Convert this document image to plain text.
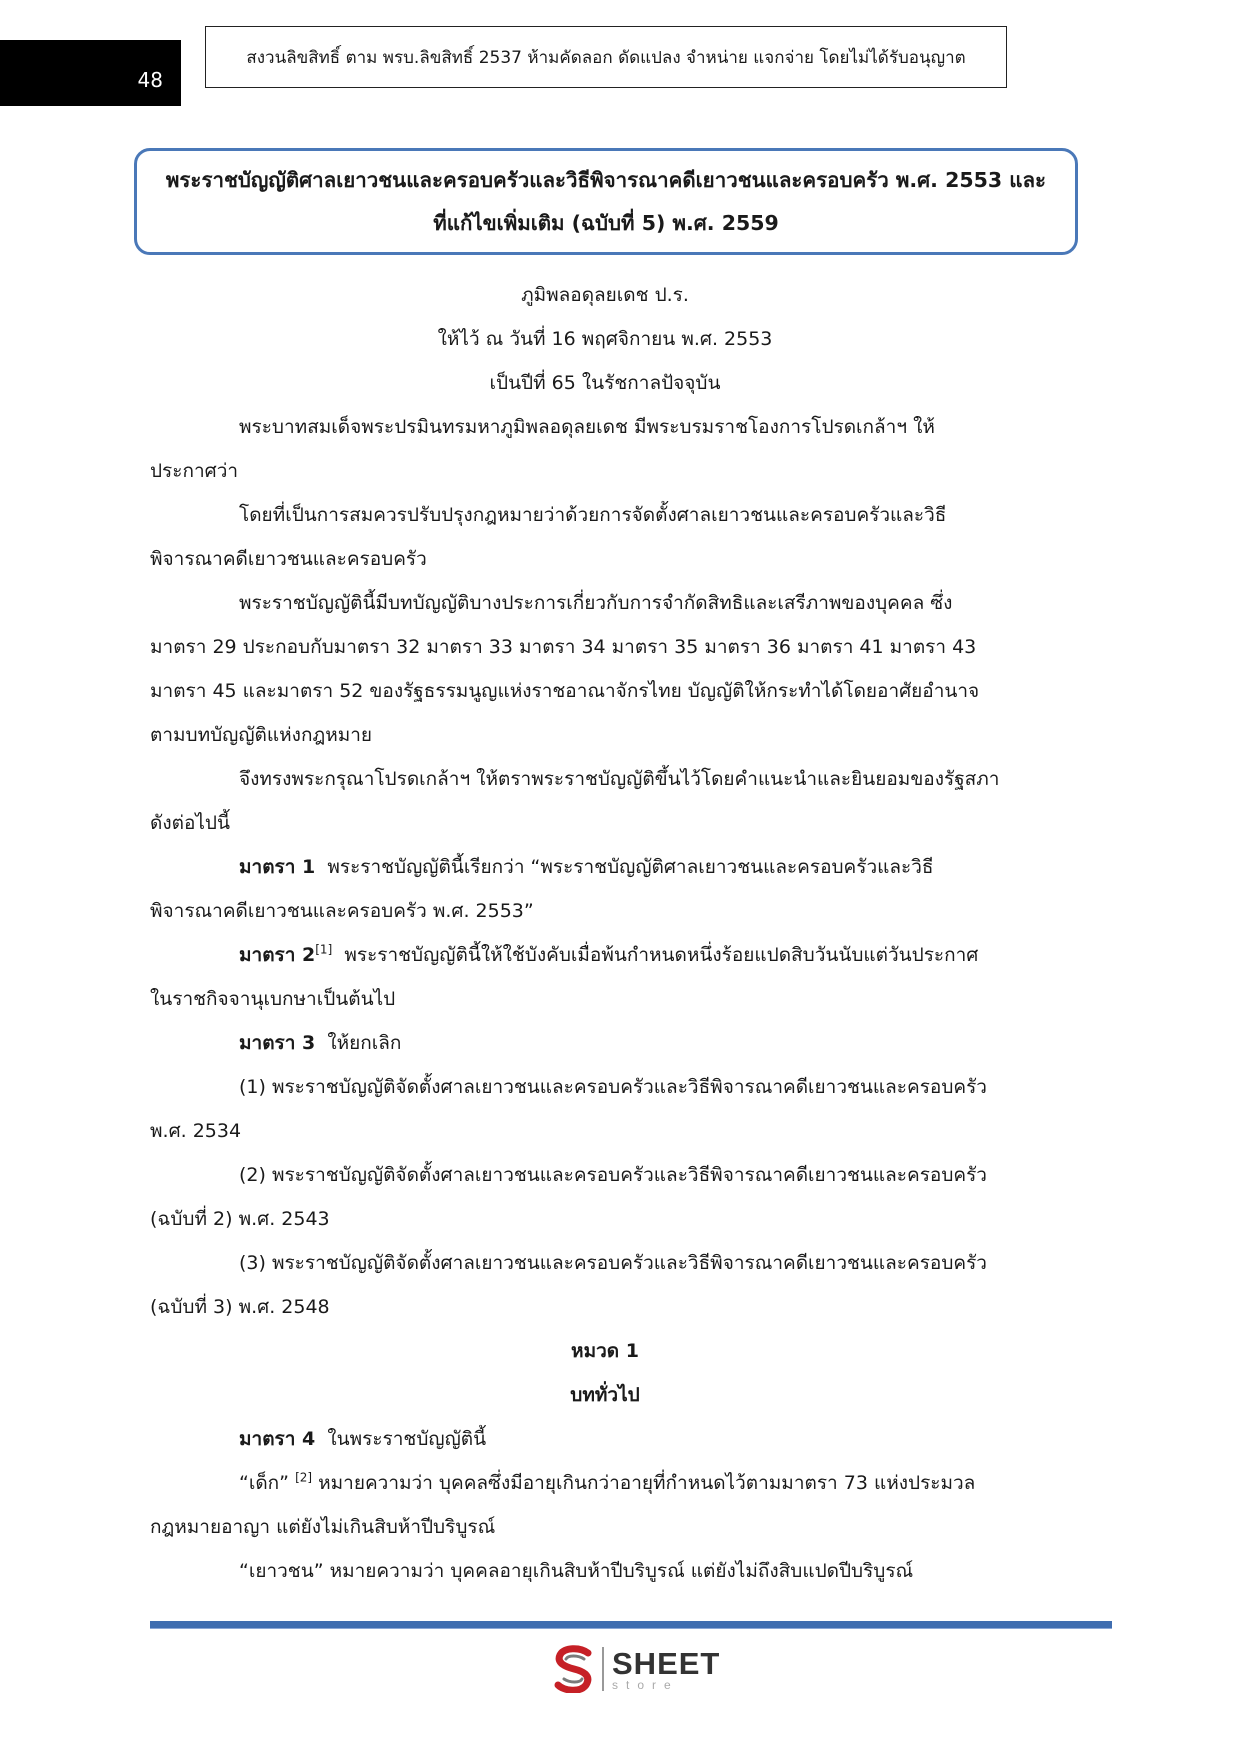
48
สงวนลิขสิทธิ์ ตาม พรบ.ลิขสิทธิ์ 2537 ห้ามคัดลอก ดัดแปลง จำหน่าย แจกจ่าย โดยไม่ได้รับอนุญาต
พระราชบัญญัติศาลเยาวชนและครอบครัวและวิธีพิจารณาคดีเยาวชนและครอบครัว พ.ศ. 2553 และ
ที่แก้ไขเพิ่มเติม (ฉบับที่ 5) พ.ศ. 2559
ภูมิพลอดุลยเดช ป.ร.
ให้ไว้ ณ วันที่ 16 พฤศจิกายน พ.ศ. 2553
เป็นปีที่ 65 ในรัชกาลปัจจุบัน
พระบาทสมเด็จพระปรมินทรมหาภูมิพลอดุลยเดช มีพระบรมราชโองการโปรดเกล้าฯ ให้
ประกาศว่า
โดยที่เป็นการสมควรปรับปรุงกฎหมายว่าด้วยการจัดตั้งศาลเยาวชนและครอบครัวและวิธี
พิจารณาคดีเยาวชนและครอบครัว
พระราชบัญญัตินี้มีบทบัญญัติบางประการเกี่ยวกับการจำกัดสิทธิและเสรีภาพของบุคคล ซึ่ง
มาตรา 29 ประกอบกับมาตรา 32 มาตรา 33 มาตรา 34 มาตรา 35 มาตรา 36 มาตรา 41 มาตรา 43
มาตรา 45 และมาตรา 52 ของรัฐธรรมนูญแห่งราชอาณาจักรไทย บัญญัติให้กระทำได้โดยอาศัยอำนาจ
ตามบทบัญญัติแห่งกฎหมาย
จึงทรงพระกรุณาโปรดเกล้าฯ ให้ตราพระราชบัญญัติขึ้นไว้โดยคำแนะนำและยินยอมของรัฐสภา
ดังต่อไปนี้
มาตรา 1 พระราชบัญญัตินี้เรียกว่า “พระราชบัญญัติศาลเยาวชนและครอบครัวและวิธี
พิจารณาคดีเยาวชนและครอบครัว พ.ศ. 2553”
มาตรา 2[1] พระราชบัญญัตินี้ให้ใช้บังคับเมื่อพ้นกำหนดหนึ่งร้อยแปดสิบวันนับแต่วันประกาศ
ในราชกิจจานุเบกษาเป็นต้นไป
มาตรา 3 ให้ยกเลิก
(1) พระราชบัญญัติจัดตั้งศาลเยาวชนและครอบครัวและวิธีพิจารณาคดีเยาวชนและครอบครัว
พ.ศ. 2534
(2) พระราชบัญญัติจัดตั้งศาลเยาวชนและครอบครัวและวิธีพิจารณาคดีเยาวชนและครอบครัว
(ฉบับที่ 2) พ.ศ. 2543
(3) พระราชบัญญัติจัดตั้งศาลเยาวชนและครอบครัวและวิธีพิจารณาคดีเยาวชนและครอบครัว
(ฉบับที่ 3) พ.ศ. 2548
หมวด 1
บททั่วไป
มาตรา 4 ในพระราชบัญญัตินี้
“เด็ก” [2] หมายความว่า บุคคลซึ่งมีอายุเกินกว่าอายุที่กำหนดไว้ตามมาตรา 73 แห่งประมวล
กฎหมายอาญา แต่ยังไม่เกินสิบห้าปีบริบูรณ์
“เยาวชน” หมายความว่า บุคคลอายุเกินสิบห้าปีบริบูรณ์ แต่ยังไม่ถึงสิบแปดปีบริบูรณ์
SHEET
store
